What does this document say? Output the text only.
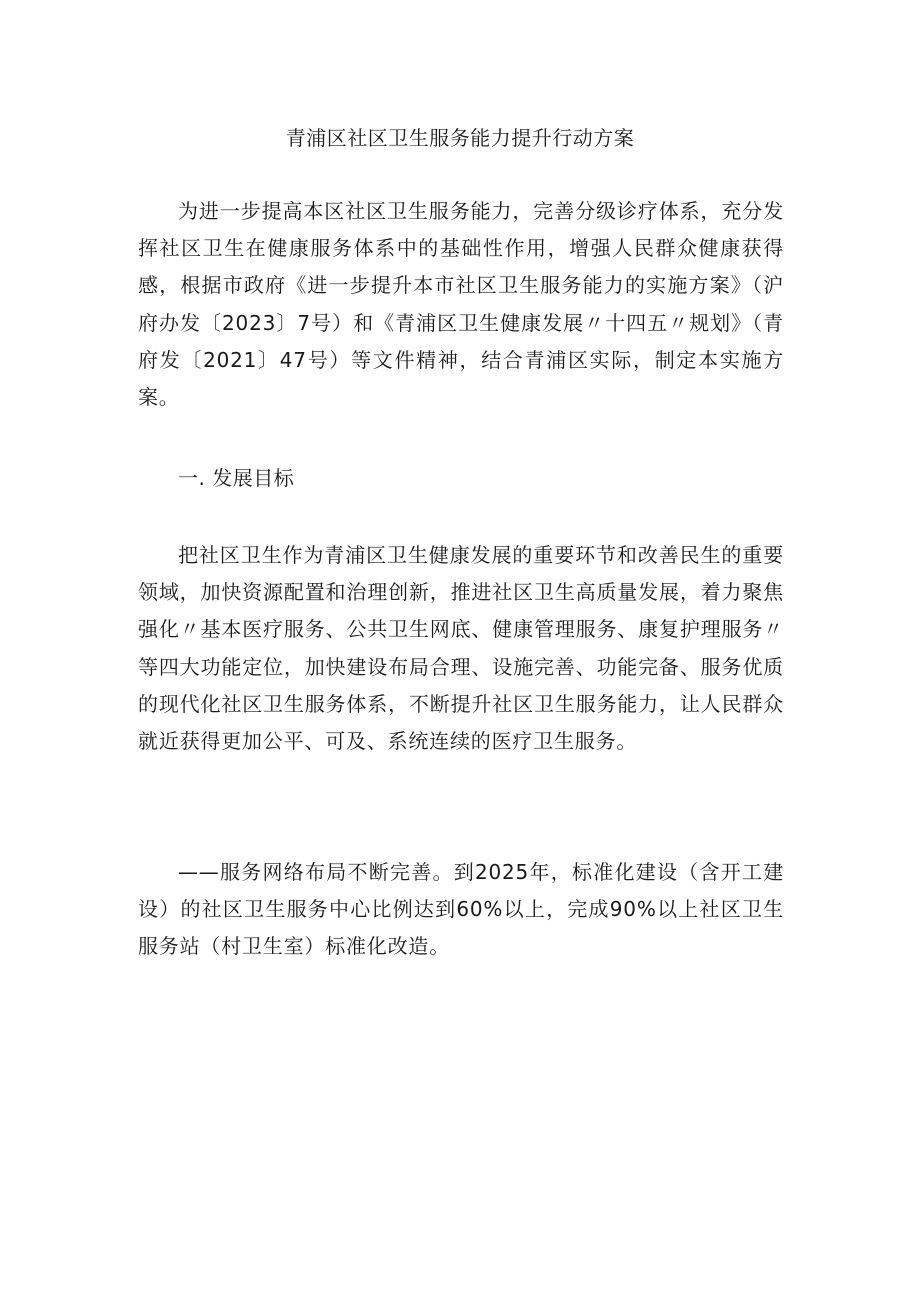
青浦区社区卫生服务能力提升行动方案

为进一步提高本区社区卫生服务能力，完善分级诊疗体系，充分发挥社区卫生在健康服务体系中的基础性作用，增强人民群众健康获得感，根据市政府《进一步提升本市社区卫生服务能力的实施方案》（沪府办发〔2023〕7号）和《青浦区卫生健康发展〃十四五〃规划》（青府发〔2021〕47号）等文件精神，结合青浦区实际，制定本实施方案。

一. 发展目标

把社区卫生作为青浦区卫生健康发展的重要环节和改善民生的重要领域，加快资源配置和治理创新，推进社区卫生高质量发展，着力聚焦强化〃基本医疗服务、公共卫生网底、健康管理服务、康复护理服务〃等四大功能定位，加快建设布局合理、设施完善、功能完备、服务优质的现代化社区卫生服务体系，不断提升社区卫生服务能力，让人民群众就近获得更加公平、可及、系统连续的医疗卫生服务。

——服务网络布局不断完善。到2025年，标准化建设（含开工建设）的社区卫生服务中心比例达到60%以上，完成90%以上社区卫生服务站（村卫生室）标准化改造。
